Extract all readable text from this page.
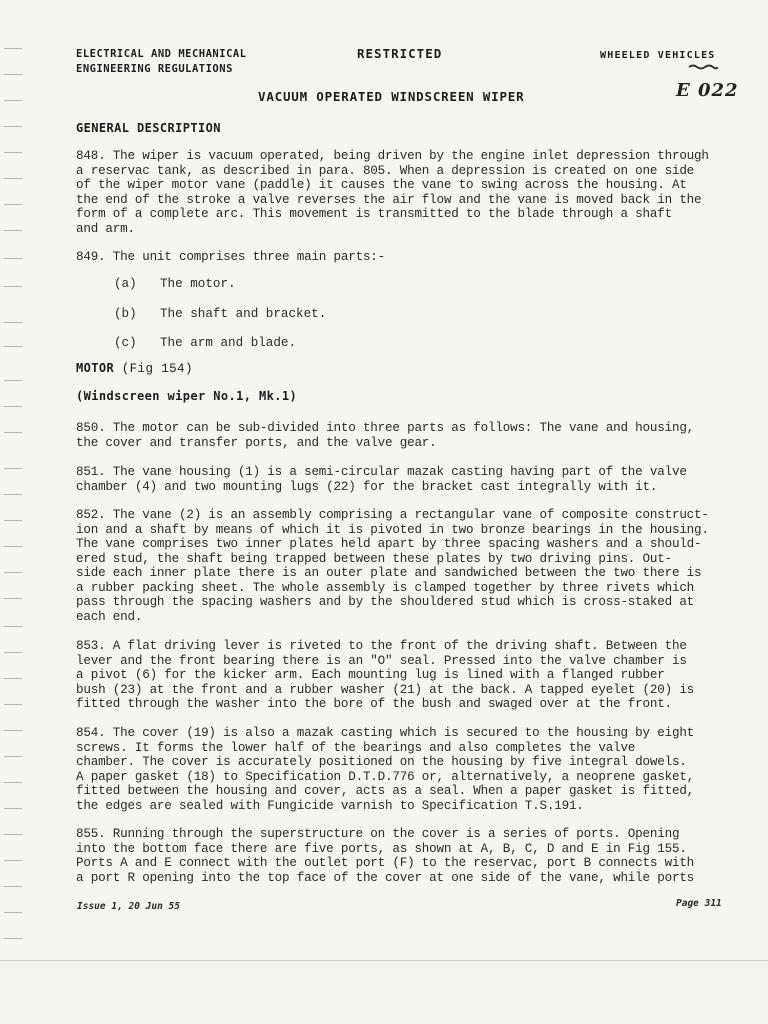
ELECTRICAL AND MECHANICAL
ENGINEERING REGULATIONS
RESTRICTED	WHEELED VEHICLES
E 022
VACUUM OPERATED WINDSCREEN WIPER
GENERAL DESCRIPTION
848. The wiper is vacuum operated, being driven by the engine inlet depression through
a reservac tank, as described in para. 805. When a depression is created on one side
of the wiper motor vane (paddle) it causes the vane to swing across the housing. At
the end of the stroke a valve reverses the air flow and the vane is moved back in the
form of a complete arc. This movement is transmitted to the blade through a shaft
and arm.
849. The unit comprises three main parts:-
(a) The motor.
(b) The shaft and bracket.
(c) The arm and blade.
MOTOR (Fig 154)
(Windscreen wiper No.1, Mk.1)
850. The motor can be sub-divided into three parts as follows: The vane and housing,
the cover and transfer ports, and the valve gear.
851. The vane housing (1) is a semi-circular mazak casting having part of the valve
chamber (4) and two mounting lugs (22) for the bracket cast integrally with it.
852. The vane (2) is an assembly comprising a rectangular vane of composite construct-
ion and a shaft by means of which it is pivoted in two bronze bearings in the housing.
The vane comprises two inner plates held apart by three spacing washers and a should-
ered stud, the shaft being trapped between these plates by two driving pins. Out-
side each inner plate there is an outer plate and sandwiched between the two there is
a rubber packing sheet. The whole assembly is clamped together by three rivets which
pass through the spacing washers and by the shouldered stud which is cross-staked at
each end.
853. A flat driving lever is riveted to the front of the driving shaft. Between the
lever and the front bearing there is an "O" seal. Pressed into the valve chamber is
a pivot (6) for the kicker arm. Each mounting lug is lined with a flanged rubber
bush (23) at the front and a rubber washer (21) at the back. A tapped eyelet (20) is
fitted through the washer into the bore of the bush and swaged over at the front.
854. The cover (19) is also a mazak casting which is secured to the housing by eight
screws. It forms the lower half of the bearings and also completes the valve
chamber. The cover is accurately positioned on the housing by five integral dowels.
A paper gasket (18) to Specification D.T.D.776 or, alternatively, a neoprene gasket,
fitted between the housing and cover, acts as a seal. When a paper gasket is fitted,
the edges are sealed with Fungicide varnish to Specification T.S.191.
855. Running through the superstructure on the cover is a series of ports. Opening
into the bottom face there are five ports, as shown at A, B, C, D and E in Fig 155.
Ports A and E connect with the outlet port (F) to the reservac, port B connects with
a port R opening into the top face of the cover at one side of the vane, while ports
Issue 1, 20 Jun 55	Page 311
